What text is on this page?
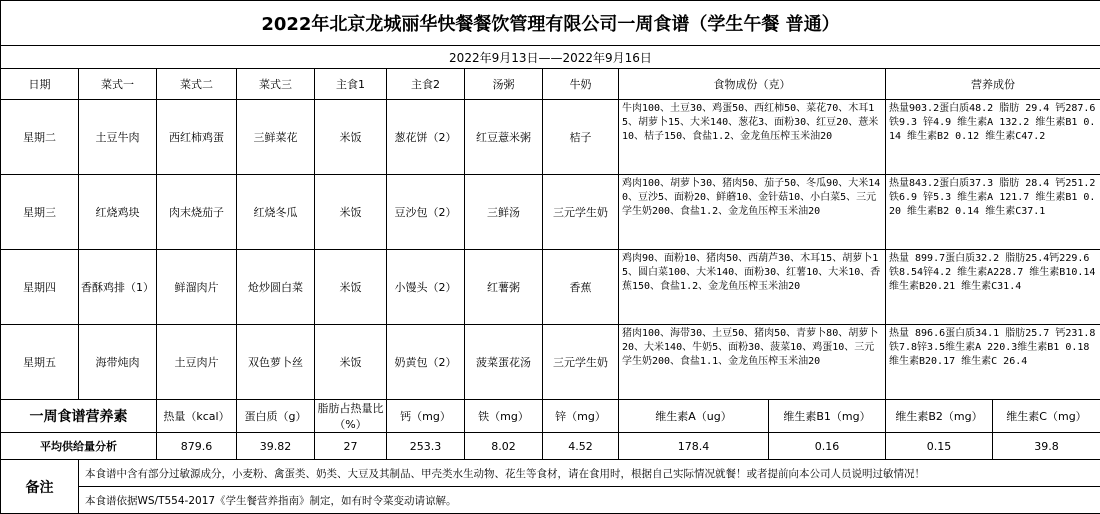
2022年北京龙城丽华快餐餐饮管理有限公司一周食谱（学生午餐 普通）											
2022年9月13日——2022年9月16日											
日期	菜式一	菜式二	菜式三	主食1	主食2	汤粥	牛奶	食物成份（克）		营养成份	
星期二	土豆牛肉	西红柿鸡蛋	三鲜菜花	米饭	葱花饼（2）	红豆薏米粥	桔子	牛肉100、土豆30、鸡蛋50、西红柿50、菜花70、木耳15、胡萝卜15、大米140、葱花3、面粉30、红豆20、薏米10、桔子150、食盐1.2、金龙鱼压榨玉米油20		热量903.2蛋白质48.2 脂肪 29.4 钙287.6 铁9.3 锌4.9 维生素A 132.2 维生素B1 0.14 维生素B2 0.12 维生素C47.2	
星期三	红烧鸡块	肉末烧茄子	红烧冬瓜	米饭	豆沙包（2）	三鲜汤	三元学生奶	鸡肉100、胡萝卜30、猪肉50、茄子50、冬瓜90、大米140、豆沙5、面粉20、鲜蘑10、金针菇10、小白菜5、三元学生奶200、食盐1.2、金龙鱼压榨玉米油20		热量843.2蛋白质37.3 脂肪 28.4 钙251.2 铁6.9 锌5.3 维生素A 121.7 维生素B1 0.20 维生素B2 0.14 维生素C37.1	
星期四	香酥鸡排（1）	鲜溜肉片	炝炒圆白菜	米饭	小馒头（2）	红薯粥	香蕉	鸡肉90、面粉10、猪肉50、西葫芦30、木耳15、胡萝卜15、圆白菜100、大米140、面粉30、红薯10、大米10、香蕉150、食盐1.2、金龙鱼压榨玉米油20		热量 899.7蛋白质32.2 脂肪25.4钙229.6铁8.54锌4.2 维生素A228.7 维生素B10.14 维生素B20.21 维生素C31.4	
星期五	海带炖肉	土豆肉片	双色萝卜丝	米饭	奶黄包（2）	菠菜蛋花汤	三元学生奶	猪肉100、海带30、土豆50、猪肉50、青萝卜80、胡萝卜20、大米140、牛奶5、面粉30、菠菜10、鸡蛋10、三元学生奶200、食盐1.1、金龙鱼压榨玉米油20		热量 896.6蛋白质34.1 脂肪25.7 钙231.8铁7.8锌3.5维生素A 220.3维生素B1 0.18维生素B20.17 维生素C 26.4	
一周食谱营养素		热量（kcal）	蛋白质（g）	脂肪占热量比（%）	钙（mg）	铁（mg）	锌（mg）	维生素A（ug）	维生素B1（mg）	维生素B2（mg）	维生素C（mg）
平均供给量分析		879.6	39.82	27	253.3	8.02	4.52	178.4	0.16	0.15	39.8
备注	本食谱中含有部分过敏源成分，小麦粉、禽蛋类、奶类、大豆及其制品、甲壳类水生动物、花生等食材，请在食用时，根据自己实际情况就餐！或者提前向本公司人员说明过敏情况！										
	本食谱依据WS/T554-2017《学生餐营养指南》制定，如有时令菜变动请谅解。										
